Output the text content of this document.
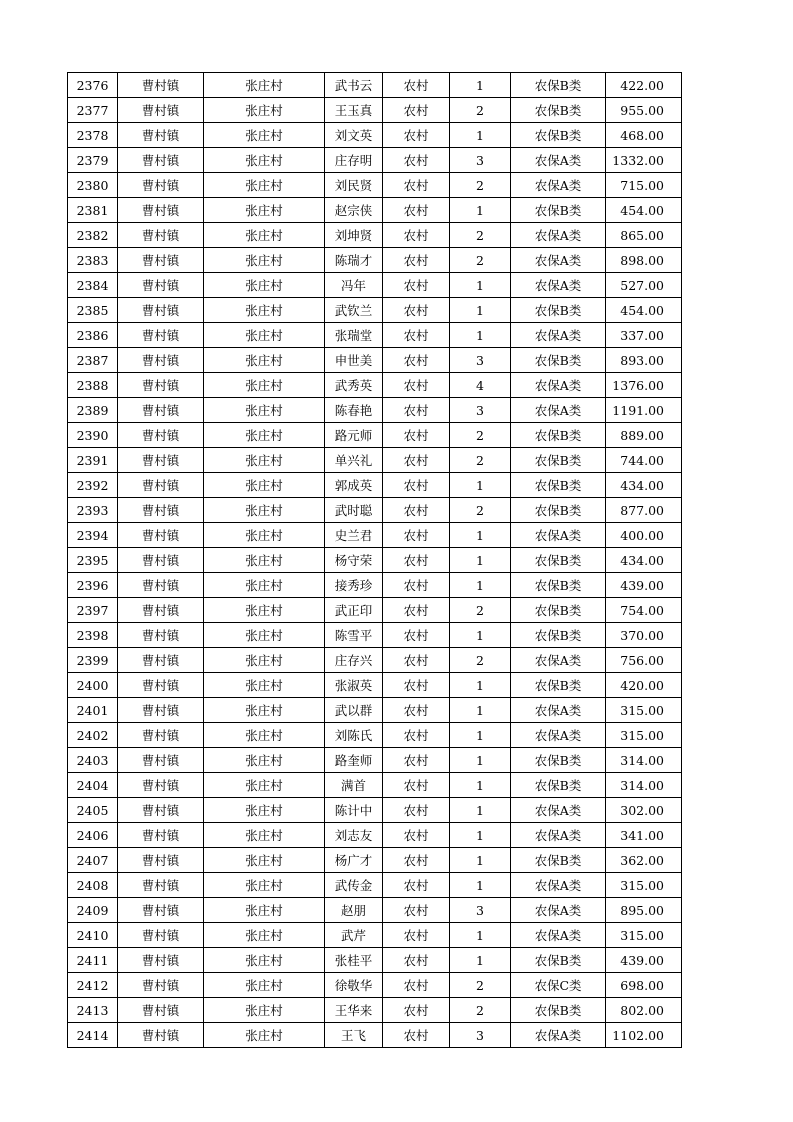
2376	曹村镇	张庄村	武书云	农村	1	农保B类	422.00
2377	曹村镇	张庄村	王玉真	农村	2	农保B类	955.00
2378	曹村镇	张庄村	刘文英	农村	1	农保B类	468.00
2379	曹村镇	张庄村	庄存明	农村	3	农保A类	1332.00
2380	曹村镇	张庄村	刘民贤	农村	2	农保A类	715.00
2381	曹村镇	张庄村	赵宗侠	农村	1	农保B类	454.00
2382	曹村镇	张庄村	刘坤贤	农村	2	农保A类	865.00
2383	曹村镇	张庄村	陈瑞才	农村	2	农保A类	898.00
2384	曹村镇	张庄村	冯年	农村	1	农保A类	527.00
2385	曹村镇	张庄村	武钦兰	农村	1	农保B类	454.00
2386	曹村镇	张庄村	张瑞堂	农村	1	农保A类	337.00
2387	曹村镇	张庄村	申世美	农村	3	农保B类	893.00
2388	曹村镇	张庄村	武秀英	农村	4	农保A类	1376.00
2389	曹村镇	张庄村	陈春艳	农村	3	农保A类	1191.00
2390	曹村镇	张庄村	路元师	农村	2	农保B类	889.00
2391	曹村镇	张庄村	单兴礼	农村	2	农保B类	744.00
2392	曹村镇	张庄村	郭成英	农村	1	农保B类	434.00
2393	曹村镇	张庄村	武时聪	农村	2	农保B类	877.00
2394	曹村镇	张庄村	史兰君	农村	1	农保A类	400.00
2395	曹村镇	张庄村	杨守荣	农村	1	农保B类	434.00
2396	曹村镇	张庄村	接秀珍	农村	1	农保B类	439.00
2397	曹村镇	张庄村	武正印	农村	2	农保B类	754.00
2398	曹村镇	张庄村	陈雪平	农村	1	农保B类	370.00
2399	曹村镇	张庄村	庄存兴	农村	2	农保A类	756.00
2400	曹村镇	张庄村	张淑英	农村	1	农保B类	420.00
2401	曹村镇	张庄村	武以群	农村	1	农保A类	315.00
2402	曹村镇	张庄村	刘陈氏	农村	1	农保A类	315.00
2403	曹村镇	张庄村	路奎师	农村	1	农保B类	314.00
2404	曹村镇	张庄村	满首	农村	1	农保B类	314.00
2405	曹村镇	张庄村	陈计中	农村	1	农保A类	302.00
2406	曹村镇	张庄村	刘志友	农村	1	农保A类	341.00
2407	曹村镇	张庄村	杨广才	农村	1	农保B类	362.00
2408	曹村镇	张庄村	武传金	农村	1	农保A类	315.00
2409	曹村镇	张庄村	赵朋	农村	3	农保A类	895.00
2410	曹村镇	张庄村	武芹	农村	1	农保A类	315.00
2411	曹村镇	张庄村	张桂平	农村	1	农保B类	439.00
2412	曹村镇	张庄村	徐敬华	农村	2	农保C类	698.00
2413	曹村镇	张庄村	王华来	农村	2	农保B类	802.00
2414	曹村镇	张庄村	王飞	农村	3	农保A类	1102.00
